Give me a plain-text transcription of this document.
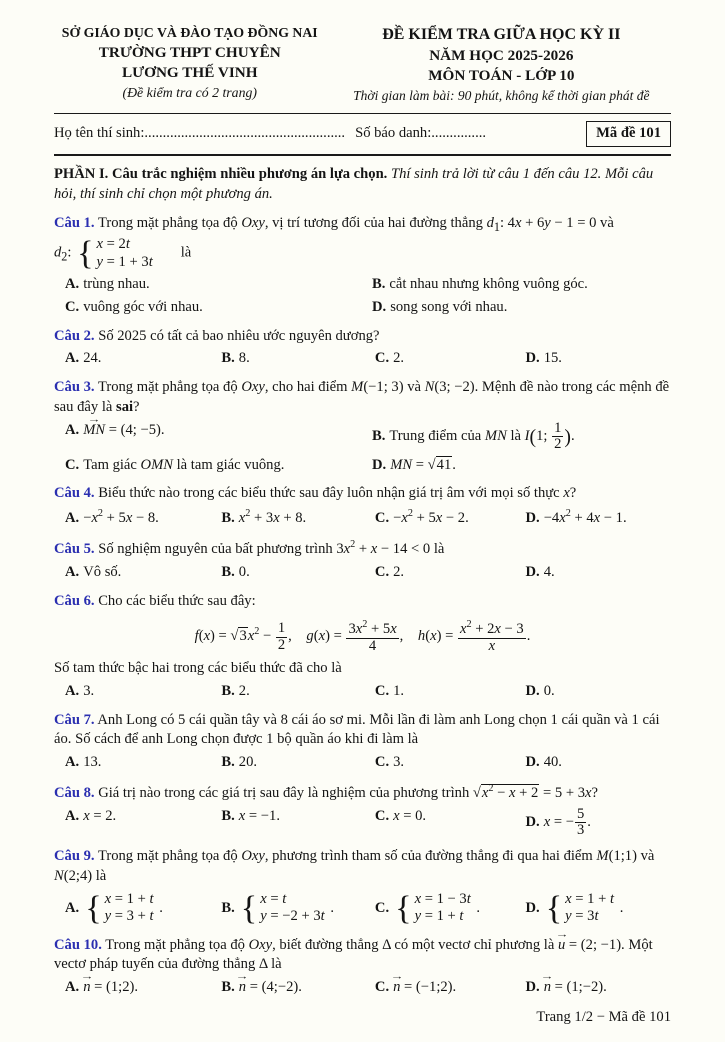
SỞ GIÁO DỤC VÀ ĐÀO TẠO ĐỒNG NAI
TRƯỜNG THPT CHUYÊN
LƯƠNG THẾ VINH
(Đề kiểm tra có 2 trang)
ĐỀ KIỂM TRA GIỮA HỌC KỲ II
NĂM HỌC 2025-2026
MÔN TOÁN - LỚP 10
Thời gian làm bài: 90 phút, không kể thời gian phát đề
Họ tên thí sinh:....................................................... Số báo danh:...............	Mã đề 101

PHẦN I. Câu trắc nghiệm nhiều phương án lựa chọn. Thí sinh trả lời từ câu 1 đến câu 12. Mỗi câu hỏi, thí sinh chỉ chọn một phương án.

Câu 1. Trong mặt phẳng tọa độ Oxy, vị trí tương đối của hai đường thẳng $d_1$: 4x + 6y − 1 = 0 và

$d_2$: { x = 2t
y = 1 + 3t
là

A. trùng nhau.	B. cắt nhau nhưng không vuông góc.
C. vuông góc với nhau.	D. song song với nhau.

Câu 2. Số 2025 có tất cả bao nhiêu ước nguyên dương?

A. 24.	B. 8.	C. 2.	D. 15.

Câu 3. Trong mặt phẳng tọa độ Oxy, cho hai điểm M(−1; 3) và N(3; −2). Mệnh đề nào trong các mệnh đề sau đây là sai?

A. → MN = (4; −5).	B. Trung điểm của MN là I(1; $\frac{1}{2}$ ).
C. Tam giác OMN là tam giác vuông.	D. MN = √41.

Câu 4. Biểu thức nào trong các biểu thức sau đây luôn nhận giá trị âm với mọi số thực x?

A. $-x^2 + 5x - 8$.	B. $x^2 + 3x + 8$.	C. $-x^2 + 5x - 2$.	D. $-4x^2 + 4x - 1$.

Câu 5. Số nghiệm nguyên của bất phương trình $3x^2 + x - 14 < 0$ là

A. Vô số.	B. 0.	C. 2.	D. 4.

Câu 6. Cho các biểu thức sau đây:

$f(x) = √3x^2 - \frac{1}{2}$ , $g(x) = \frac{3x^2 + 5x}{4}$ , $h(x) = \frac{x^2 + 2x - 3}{x}$ .

Số tam thức bậc hai trong các biểu thức đã cho là

A. 3.	B. 2.	C. 1.	D. 0.

Câu 7. Anh Long có 5 cái quần tây và 8 cái áo sơ mi. Mỗi lần đi làm anh Long chọn 1 cái quần và 1 cái áo. Số cách để anh Long chọn được 1 bộ quần áo khi đi làm là

A. 13.	B. 20.	C. 3.	D. 40.

Câu 8. Giá trị nào trong các giá trị sau đây là nghiệm của phương trình $√x^2 - x + 2 = 5 + 3x$?

A. x = 2.	B. x = −1.	C. x = 0.	D. x = − $\frac{5}{3}$ .

Câu 9. Trong mặt phẳng tọa độ Oxy, phương trình tham số của đường thẳng đi qua hai điểm M(1;1) và N(2;4) là

A. { x = 1 + t
y = 3 + t
.	B. { x = t
y = −2 + 3t
.	C. { x = 1 − 3t
y = 1 + t
.	D. { x = 1 + t
y = 3t
.

Câu 10. Trong mặt phẳng tọa độ Oxy, biết đường thẳng Δ có một vectơ chỉ phương là → u = (2; −1). Một vectơ pháp tuyến của đường thẳng Δ là

A. → n = (1;2).	B. → n = (4;−2).	C. → n = (−1;2).	D. → n = (1;−2).
Trang 1/2 − Mã đề 101
